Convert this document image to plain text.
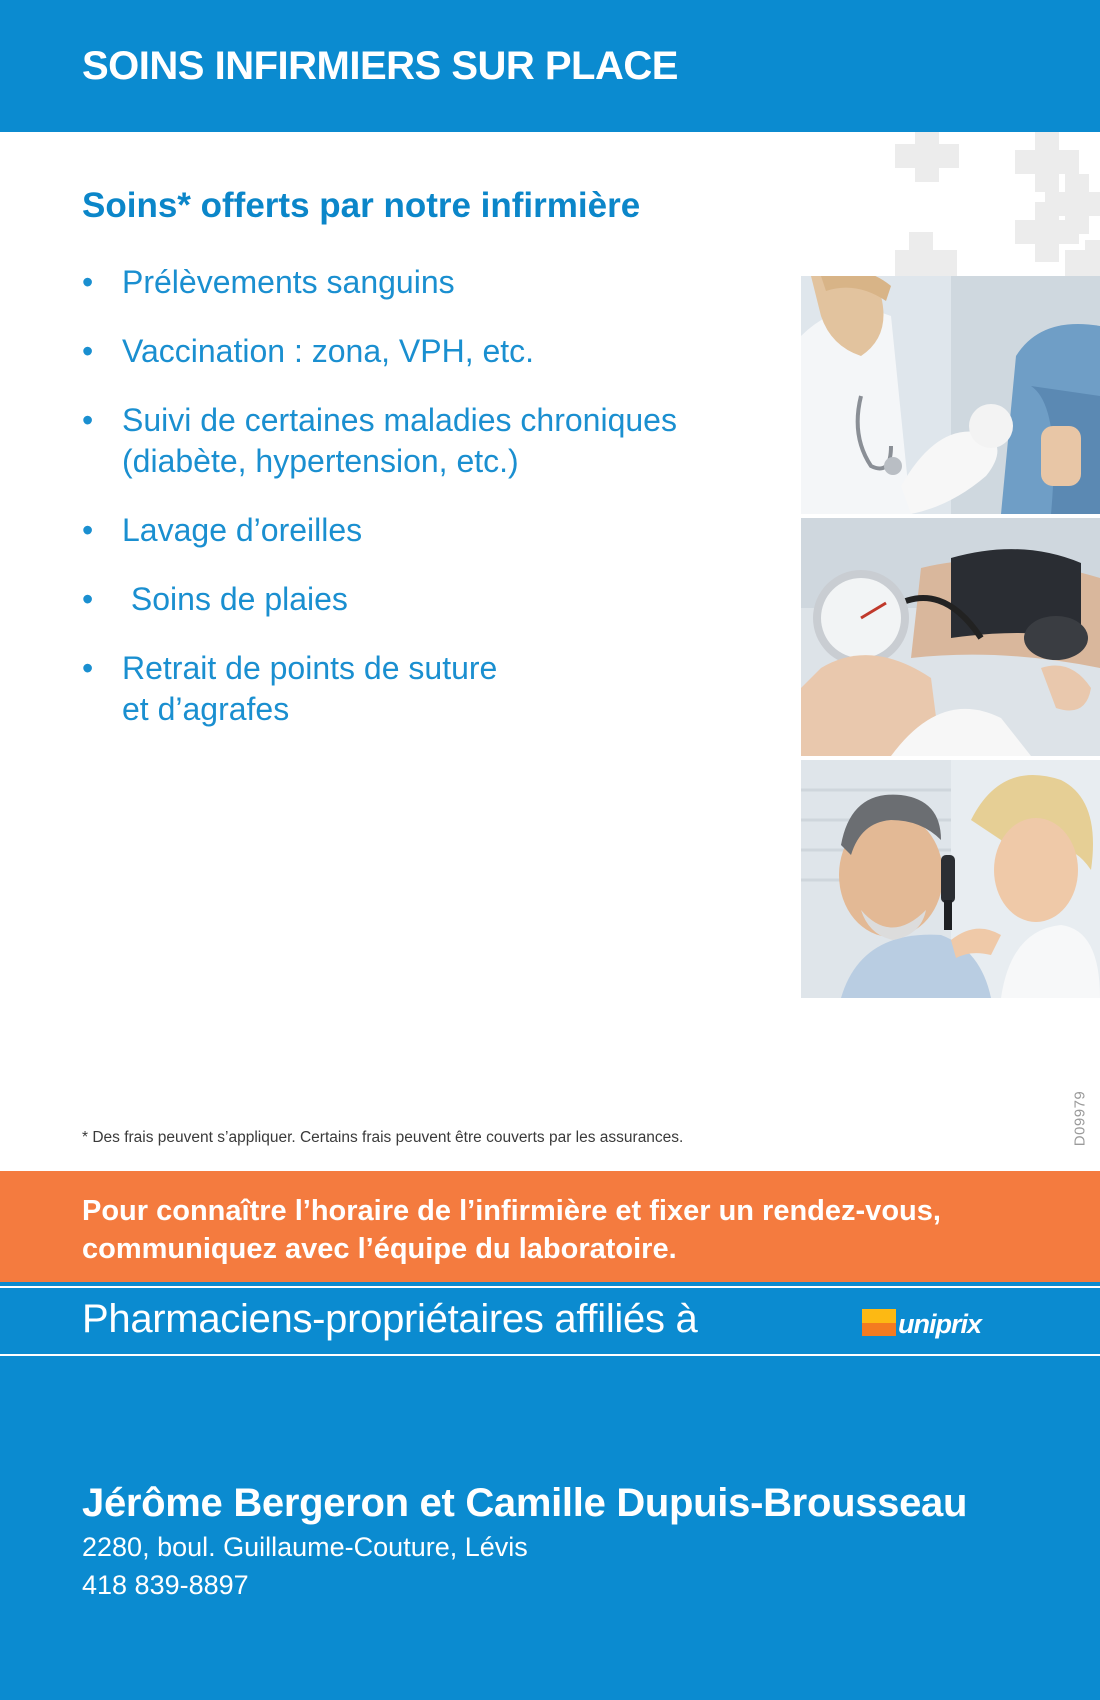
SOINS INFIRMIERS SUR PLACE
Soins* offerts par notre infirmière
• Prélèvements sanguins
• Vaccination : zona, VPH, etc.
• Suivi de certaines maladies chroniques
(diabète, hypertension, etc.)
• Lavage d’oreilles
• Soins de plaies
• Retrait de points de suture
et d’agrafes
D09979
* Des frais peuvent s’appliquer. Certains frais peuvent être couverts par les assurances.
Pour connaître l’horaire de l’infirmière et fixer un rendez-vous,
communiquez avec l’équipe du laboratoire.
Pharmaciens-propriétaires affiliés à	uniprix
Jérôme Bergeron et Camille Dupuis-Brousseau
2280, boul. Guillaume-Couture, Lévis
418 839-8897
